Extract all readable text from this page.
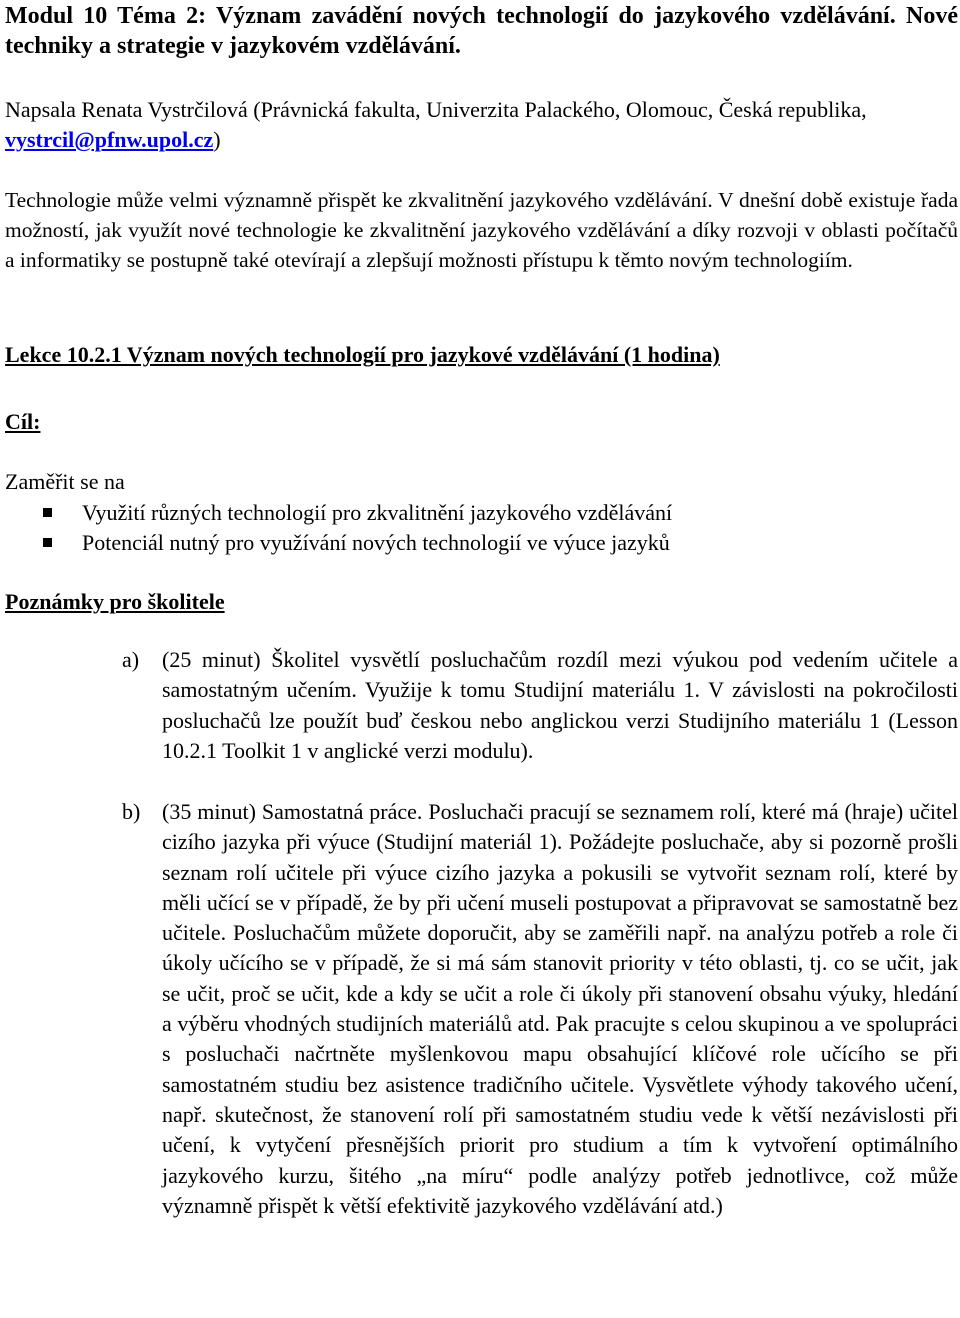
Modul 10 Téma 2: Význam zavádění nových technologií do jazykového vzdělávání. Nové techniky a strategie v jazykovém vzdělávání.
Napsala Renata Vystrčilová (Právnická fakulta, Univerzita Palackého, Olomouc, Česká republika, vystrcil@pfnw.upol.cz)
Technologie může velmi významně přispět ke zkvalitnění jazykového vzdělávání. V dnešní době existuje řada možností, jak využít nové technologie ke zkvalitnění jazykového vzdělávání a díky rozvoji v oblasti počítačů a informatiky se postupně také otevírají a zlepšují možnosti přístupu k těmto novým technologiím.
Lekce 10.2.1 Význam nových technologií pro jazykové vzdělávání (1 hodina)
Cíl:
Zaměřit se na
Využití různých technologií pro zkvalitnění jazykového vzdělávání
Potenciál nutný pro využívání nových technologií ve výuce jazyků
Poznámky pro školitele
a) (25 minut) Školitel vysvětlí posluchačům rozdíl mezi výukou pod vedením učitele a samostatným učením. Využije k tomu Studijní materiálu 1. V závislosti na pokročilosti posluchačů lze použít buď českou nebo anglickou verzi Studijního materiálu 1 (Lesson 10.2.1 Toolkit 1 v anglické verzi modulu).
b) (35 minut) Samostatná práce. Posluchači pracují se seznamem rolí, které má (hraje) učitel cizího jazyka při výuce (Studijní materiál 1). Požádejte posluchače, aby si pozorně prošli seznam rolí učitele při výuce cizího jazyka a pokusili se vytvořit seznam rolí, které by měli učící se v případě, že by při učení museli postupovat a připravovat se samostatně bez učitele. Posluchačům můžete doporučit, aby se zaměřili např. na analýzu potřeb a role či úkoly učícího se v případě, že si má sám stanovit priority v této oblasti, tj. co se učit, jak se učit, proč se učit, kde a kdy se učit a role či úkoly při stanovení obsahu výuky, hledání a výběru vhodných studijních materiálů atd. Pak pracujte s celou skupinou a ve spolupráci s posluchači načrtněte myšlenkovou mapu obsahující klíčové role učícího se při samostatném studiu bez asistence tradičního učitele. Vysvětlete výhody takového učení, např. skutečnost, že stanovení rolí při samostatném studiu vede k větší nezávislosti při učení, k vytyčení přesnějších priorit pro studium a tím k vytvoření optimálního jazykového kurzu, šitého „na míru“ podle analýzy potřeb jednotlivce, což může významně přispět k větší efektivitě jazykového vzdělávání atd.)
